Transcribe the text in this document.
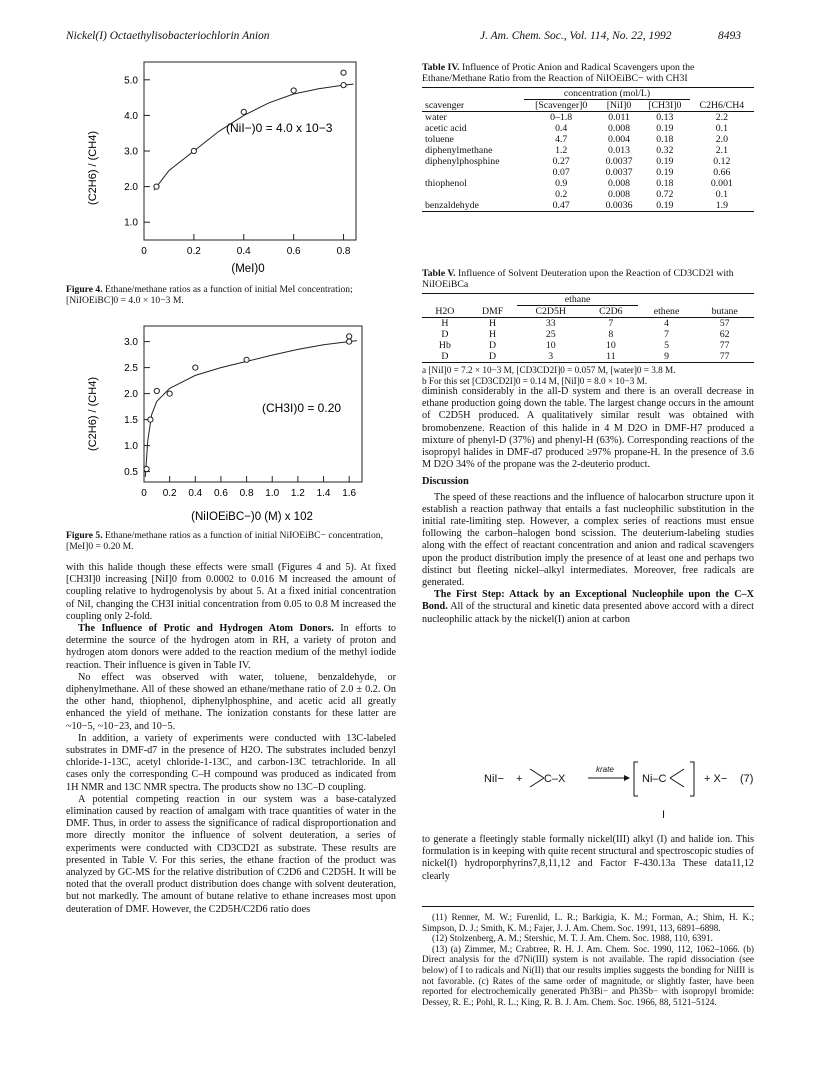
Nickel(I) Octaethylisobacteriochlorin Anion	J. Am. Chem. Soc., Vol. 114, No. 22, 1992	8493
1.0
2.0
3.0
4.0
5.0
0	0.2	0.4	0.6	0.8
(NiI−)0 = 4.0 x 10−3
(C2H6) / (CH4)
(MeI)0
Figure 4. Ethane/methane ratios as a function of initial MeI concentration; [NiIOEiBC]0 = 4.0 × 10−3 M.
0.5
1.0
1.5
2.0
2.5
3.0
0 0.2 0.4 0.6 0.8 1.0 1.2 1.4 1.6
(CH3I)0 = 0.20
(C2H6) / (CH4)
(NiIOEiBC−)0 (M) x 102
Figure 5. Ethane/methane ratios as a function of initial NiIOEiBC− concentration, [MeI]0 = 0.20 M.

with this halide though these effects were small (Figures 4 and 5). At fixed [CH3I]0 increasing [NiI]0 from 0.0002 to 0.016 M increased the amount of coupling relative to hydrogenolysis by about 5. At a fixed initial concentration of NiI, changing the CH3I initial concentration from 0.05 to 0.8 M increased the coupling only 2-fold.

The Influence of Protic and Hydrogen Atom Donors. In efforts to determine the source of the hydrogen atom in RH, a variety of proton and hydrogen atom donors were added to the reaction medium of the methyl iodide reaction. Their influence is given in Table IV.

No effect was observed with water, toluene, benzaldehyde, or diphenylmethane. All of these showed an ethane/methane ratio of 2.0 ± 0.2. On the other hand, thiophenol, diphenylphosphine, and acetic acid all greatly enhanced the yield of methane. The ionization constants for these latter are ~10−5, ~10−23, and 10−5.

In addition, a variety of experiments were conducted with 13C-labeled substrates in DMF-d7 in the presence of H2O. The substrates included benzyl chloride-1-13C, acetyl chloride-1-13C, and carbon-13C tetrachloride. In all cases only the corresponding C–H compound was produced as indicated from 1H NMR and 13C NMR spectra. The products show no 13C–D coupling.

A potential competing reaction in our system was a base-catalyzed elimination caused by reaction of amalgam with trace quantities of water in the DMF. Thus, in order to assess the significance of radical disproportionation and more directly monitor the influence of solvent deuteration, a series of experiments were conducted with CD3CD2I as substrate. These results are presented in Table V. For this series, the ethane fraction of the product was analyzed by GC-MS for the relative distribution of C2D6 and C2D5H. It will be noted that the overall product distribution does change with solvent deuteration, but not markedly. The amount of butane relative to ethane increases most upon deuteration of DMF. However, the C2D5H/C2D6 ratio does

Table IV. Influence of Protic Anion and Radical Scavengers upon the Ethane/Methane Ratio from the Reaction of NiIOEiBC− with CH3I
	concentration (mol/L)			
scavenger	[Scavenger]0	[NiI]0	[CH3I]0	C2H6/CH4
water	0–1.8	0.011	0.13	2.2
acetic acid	0.4	0.008	0.19	0.1
toluene	4.7	0.004	0.18	2.0
diphenylmethane	1.2	0.013	0.32	2.1
diphenylphosphine	0.27	0.0037	0.19	0.12
	0.07	0.0037	0.19	0.66
thiophenol	0.9	0.008	0.18	0.001
	0.2	0.008	0.72	0.1
benzaldehyde	0.47	0.0036	0.19	1.9
Table V. Influence of Solvent Deuteration upon the Reaction of CD3CD2I with NiIOEiBCa
		ethane			
H2O	DMF	C2D5H	C2D6	ethene	butane
H	H	33	7	4	57
D	H	25	8	7	62
Hb	D	10	10	5	77
D	D	3	11	9	77
a [NiI]0 = 7.2 × 10−3 M, [CD3CD2I]0 = 0.057 M, [water]0 = 3.8 M.
b For this set [CD3CD2I]0 = 0.14 M, [NiI]0 = 8.0 × 10−3 M.

diminish considerably in the all-D system and there is an overall decrease in ethane production going down the table. The largest change occurs in the amount of C2D5H produced. A qualitatively similar result was obtained with bromobenzene. Reaction of this halide in 4 M D2O in DMF-H7 produced a mixture of phenyl-D (37%) and phenyl-H (63%). Corresponding reactions of the isopropyl halides in DMF-d7 produced ≥97% propane-H. In the presence of 3.6 M D2O 34% of the propane was the 2-deuterio product.

Discussion

The speed of these reactions and the influence of halocarbon structure upon it establish a reaction pathway that entails a fast nucleophilic substitution in the initial rate-limiting step. However, a complex series of reactions must ensue following the carbon–halogen bond scission. The deuterium-labeling studies along with the effect of reactant concentration and anion and radical scavengers upon the product distribution imply the presence of at least one and perhaps two distinct but fleeting nickel–alkyl intermediates. Moreover, free radicals are generated.

The First Step: Attack by an Exceptional Nucleophile upon the C–X Bond. All of the structural and kinetic data presented above accord with a direct nucleophilic attack by the nickel(I) anion at carbon

NiI− + C–X
krate
Ni–C	+ X− (7)
I

to generate a fleetingly stable formally nickel(III) alkyl (I) and halide ion. This formulation is in keeping with quite recent structural and spectroscopic studies of nickel(I) hydroporphyrins7,8,11,12 and Factor F-430.13a These data11,12 clearly

(11) Renner, M. W.; Furenlid, L. R.; Barkigia, K. M.; Forman, A.; Shim, H. K.; Simpson, D. J.; Smith, K. M.; Fajer, J. J. Am. Chem. Soc. 1991, 113, 6891–6898.

(12) Stolzenberg, A. M.; Stershic, M. T. J. Am. Chem. Soc. 1988, 110, 6391.

(13) (a) Zimmer, M.; Crabtree, R. H. J. Am. Chem. Soc. 1990, 112, 1062–1066. (b) Direct analysis for the d7Ni(III) system is not available. The rapid dissociation (see below) of I to radicals and Ni(II) that our results implies suggests the bonding for NiIII is not favorable. (c) Rates of the same order of magnitude, or slightly faster, have been reported for electrochemically generated Ph3Bi− and Ph3Sb− with isopropyl bromide: Dessey, R. E.; Pohl, R. L.; King, R. B. J. Am. Chem. Soc. 1966, 88, 5121–5124.
